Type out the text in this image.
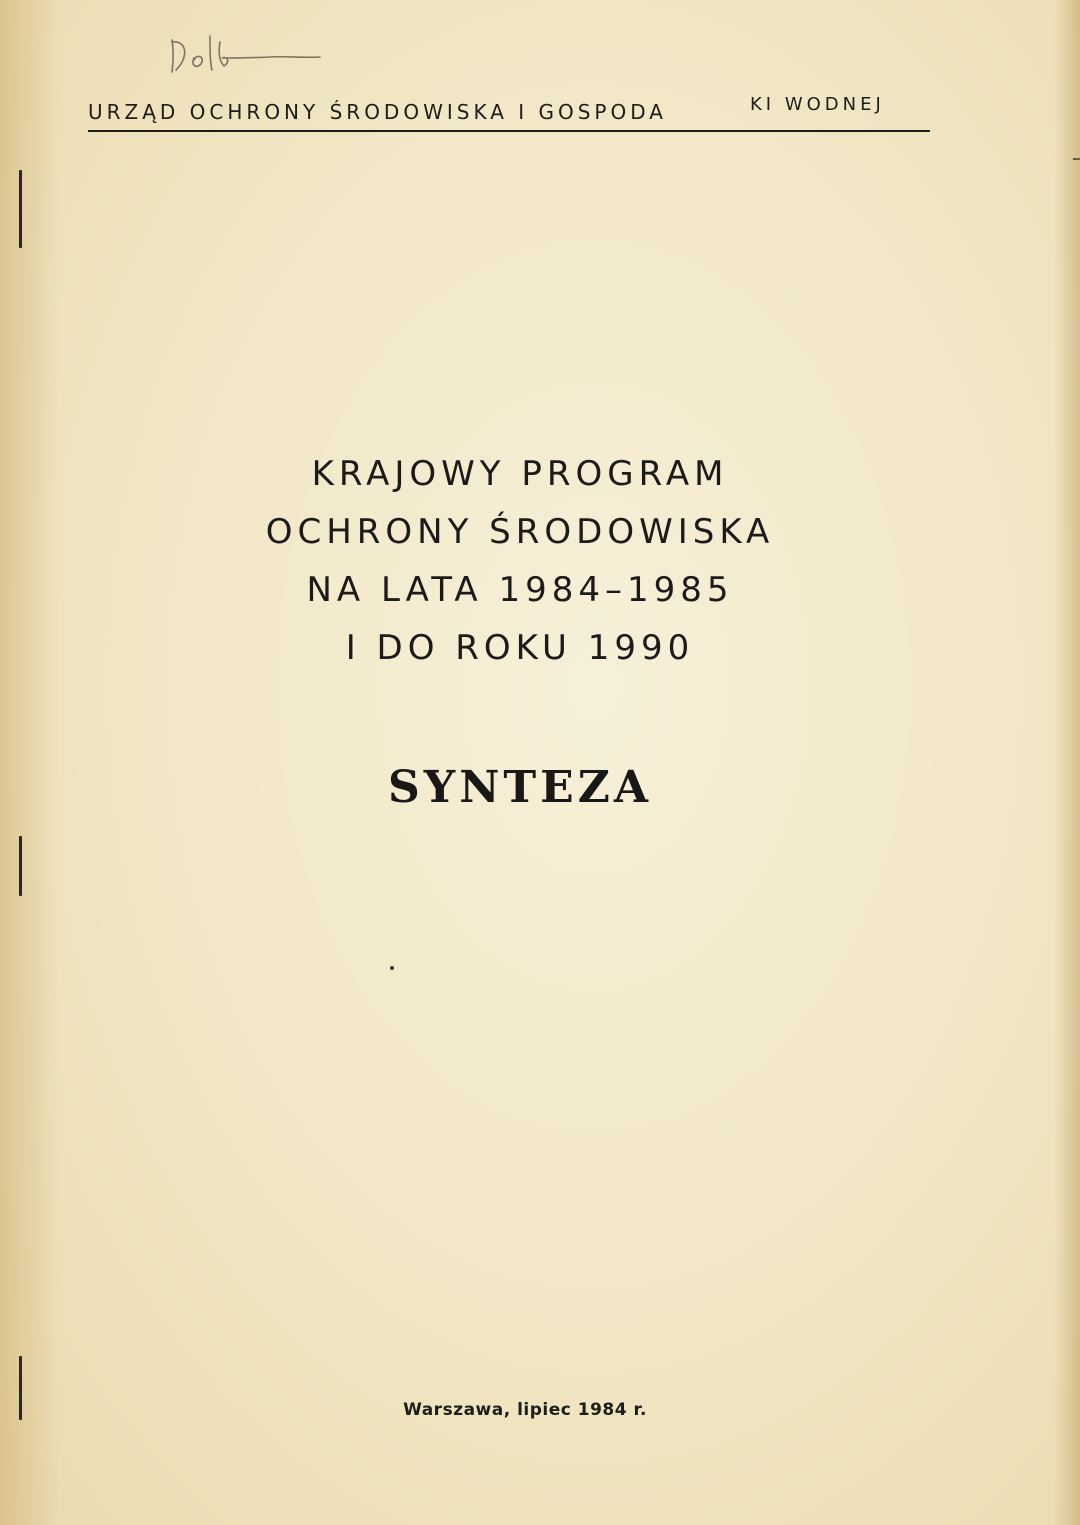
URZĄD OCHRONY ŚRODOWISKA I GOSPODA	KI WODNEJ
KRAJOWY PROGRAM
OCHRONY ŚRODOWISKA
NA LATA 1984–1985
I DO ROKU 1990
SYNTEZA
Warszawa, lipiec 1984 r.
